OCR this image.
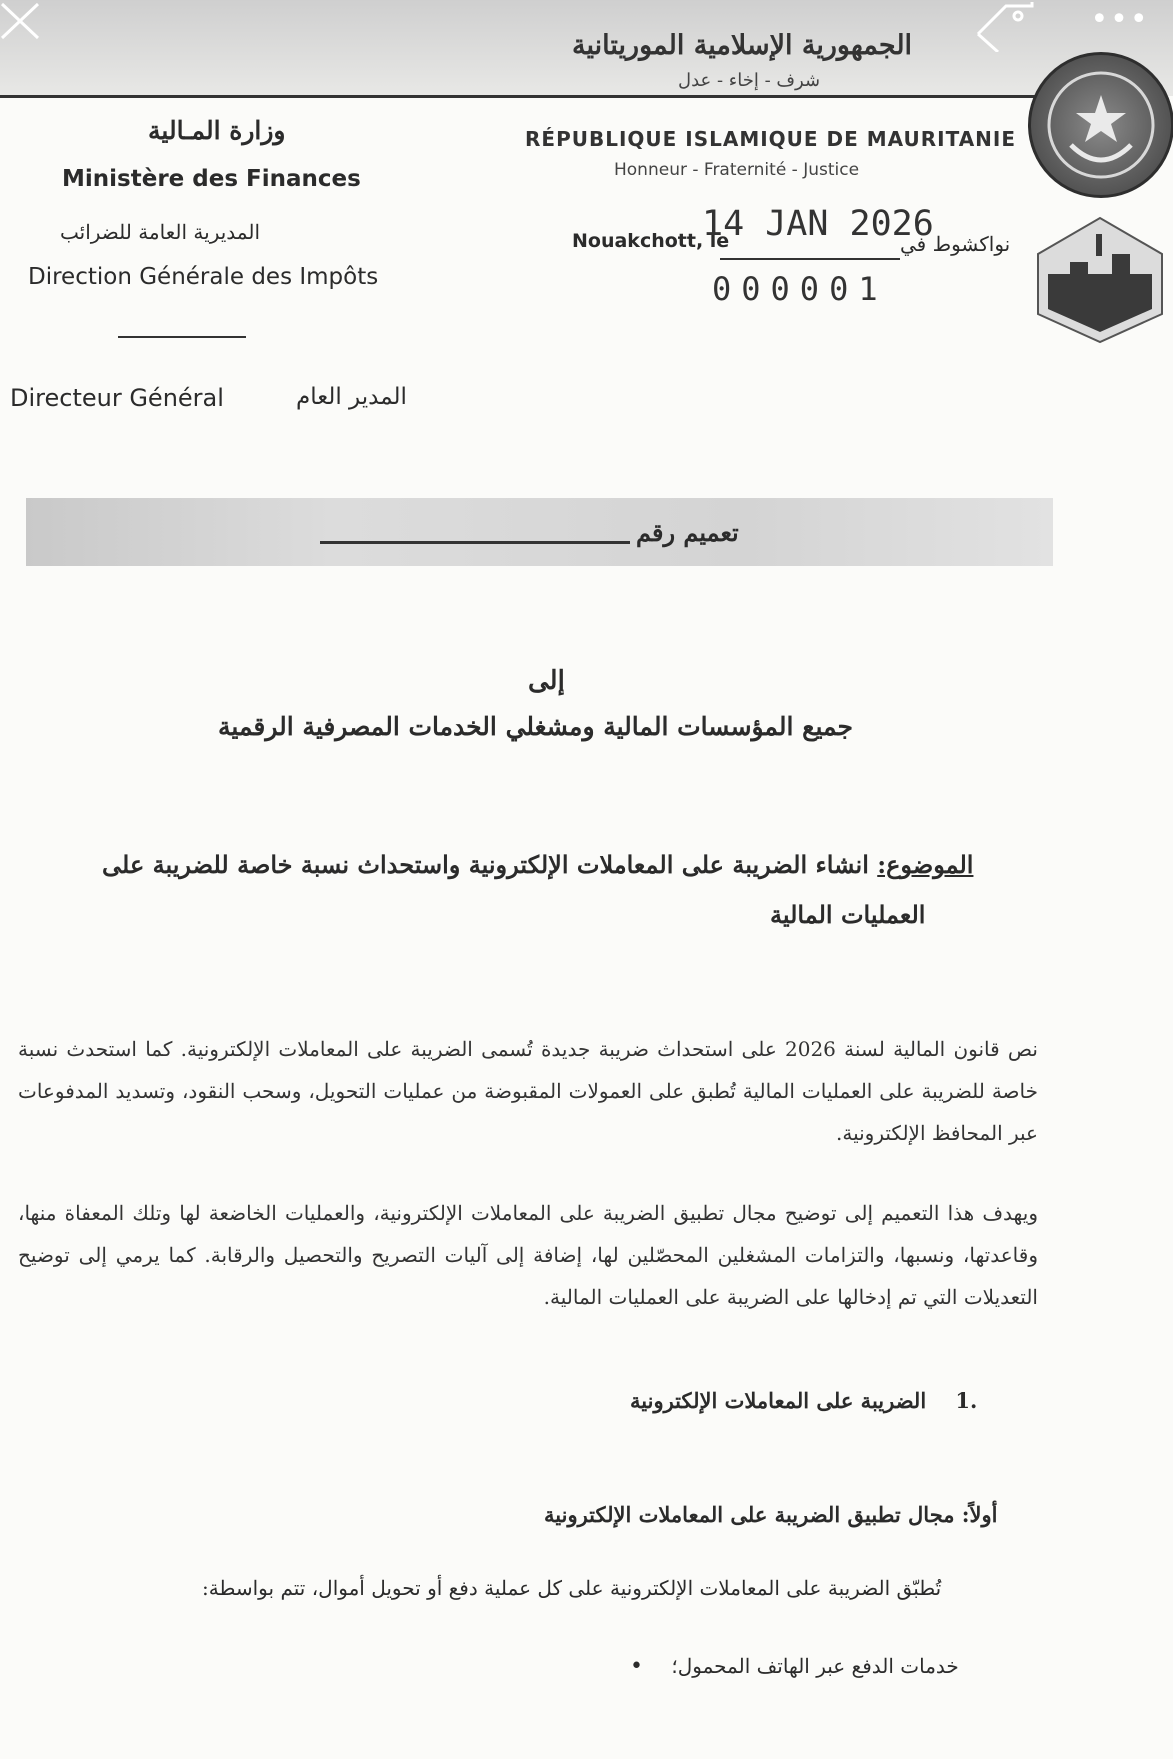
•••
الجمهورية الإسلامية الموريتانية
شرف - إخاء - عدل
RÉPUBLIQUE ISLAMIQUE DE MAURITANIE
Honneur - Fraternité - Justice
وزارة المـالية
Ministère des Finances
المديرية العامة للضرائب
Direction Générale des Impôts
Directeur Général	المدير العام
Nouakchott, le
14 JAN 2026
نواكشوط في
000001
تعميم رقم
إلى
جميع المؤسسات المالية ومشغلي الخدمات المصرفية الرقمية
الموضوع: انشاء الضريبة على المعاملات الإلكترونية واستحداث نسبة خاصة للضريبة على
العمليات المالية

نص قانون المالية لسنة 2026 على استحداث ضريبة جديدة تُسمى الضريبة على المعاملات الإلكترونية. كما استحدث نسبة خاصة للضريبة على العمليات المالية تُطبق على العمولات المقبوضة من عمليات التحويل، وسحب النقود، وتسديد المدفوعات عبر المحافظ الإلكترونية.

ويهدف هذا التعميم إلى توضيح مجال تطبيق الضريبة على المعاملات الإلكترونية، والعمليات الخاضعة لها وتلك المعفاة منها، وقاعدتها، ونسبها، والتزامات المشغلين المحصّلين لها، إضافة إلى آليات التصريح والتحصيل والرقابة. كما يرمي إلى توضيح التعديلات التي تم إدخالها على الضريبة على العمليات المالية.

.1    الضريبة على المعاملات الإلكترونية
أولاً: مجال تطبيق الضريبة على المعاملات الإلكترونية
تُطبّق الضريبة على المعاملات الإلكترونية على كل عملية دفع أو تحويل أموال، تتم بواسطة:
خدمات الدفع عبر الهاتف المحمول؛ •
